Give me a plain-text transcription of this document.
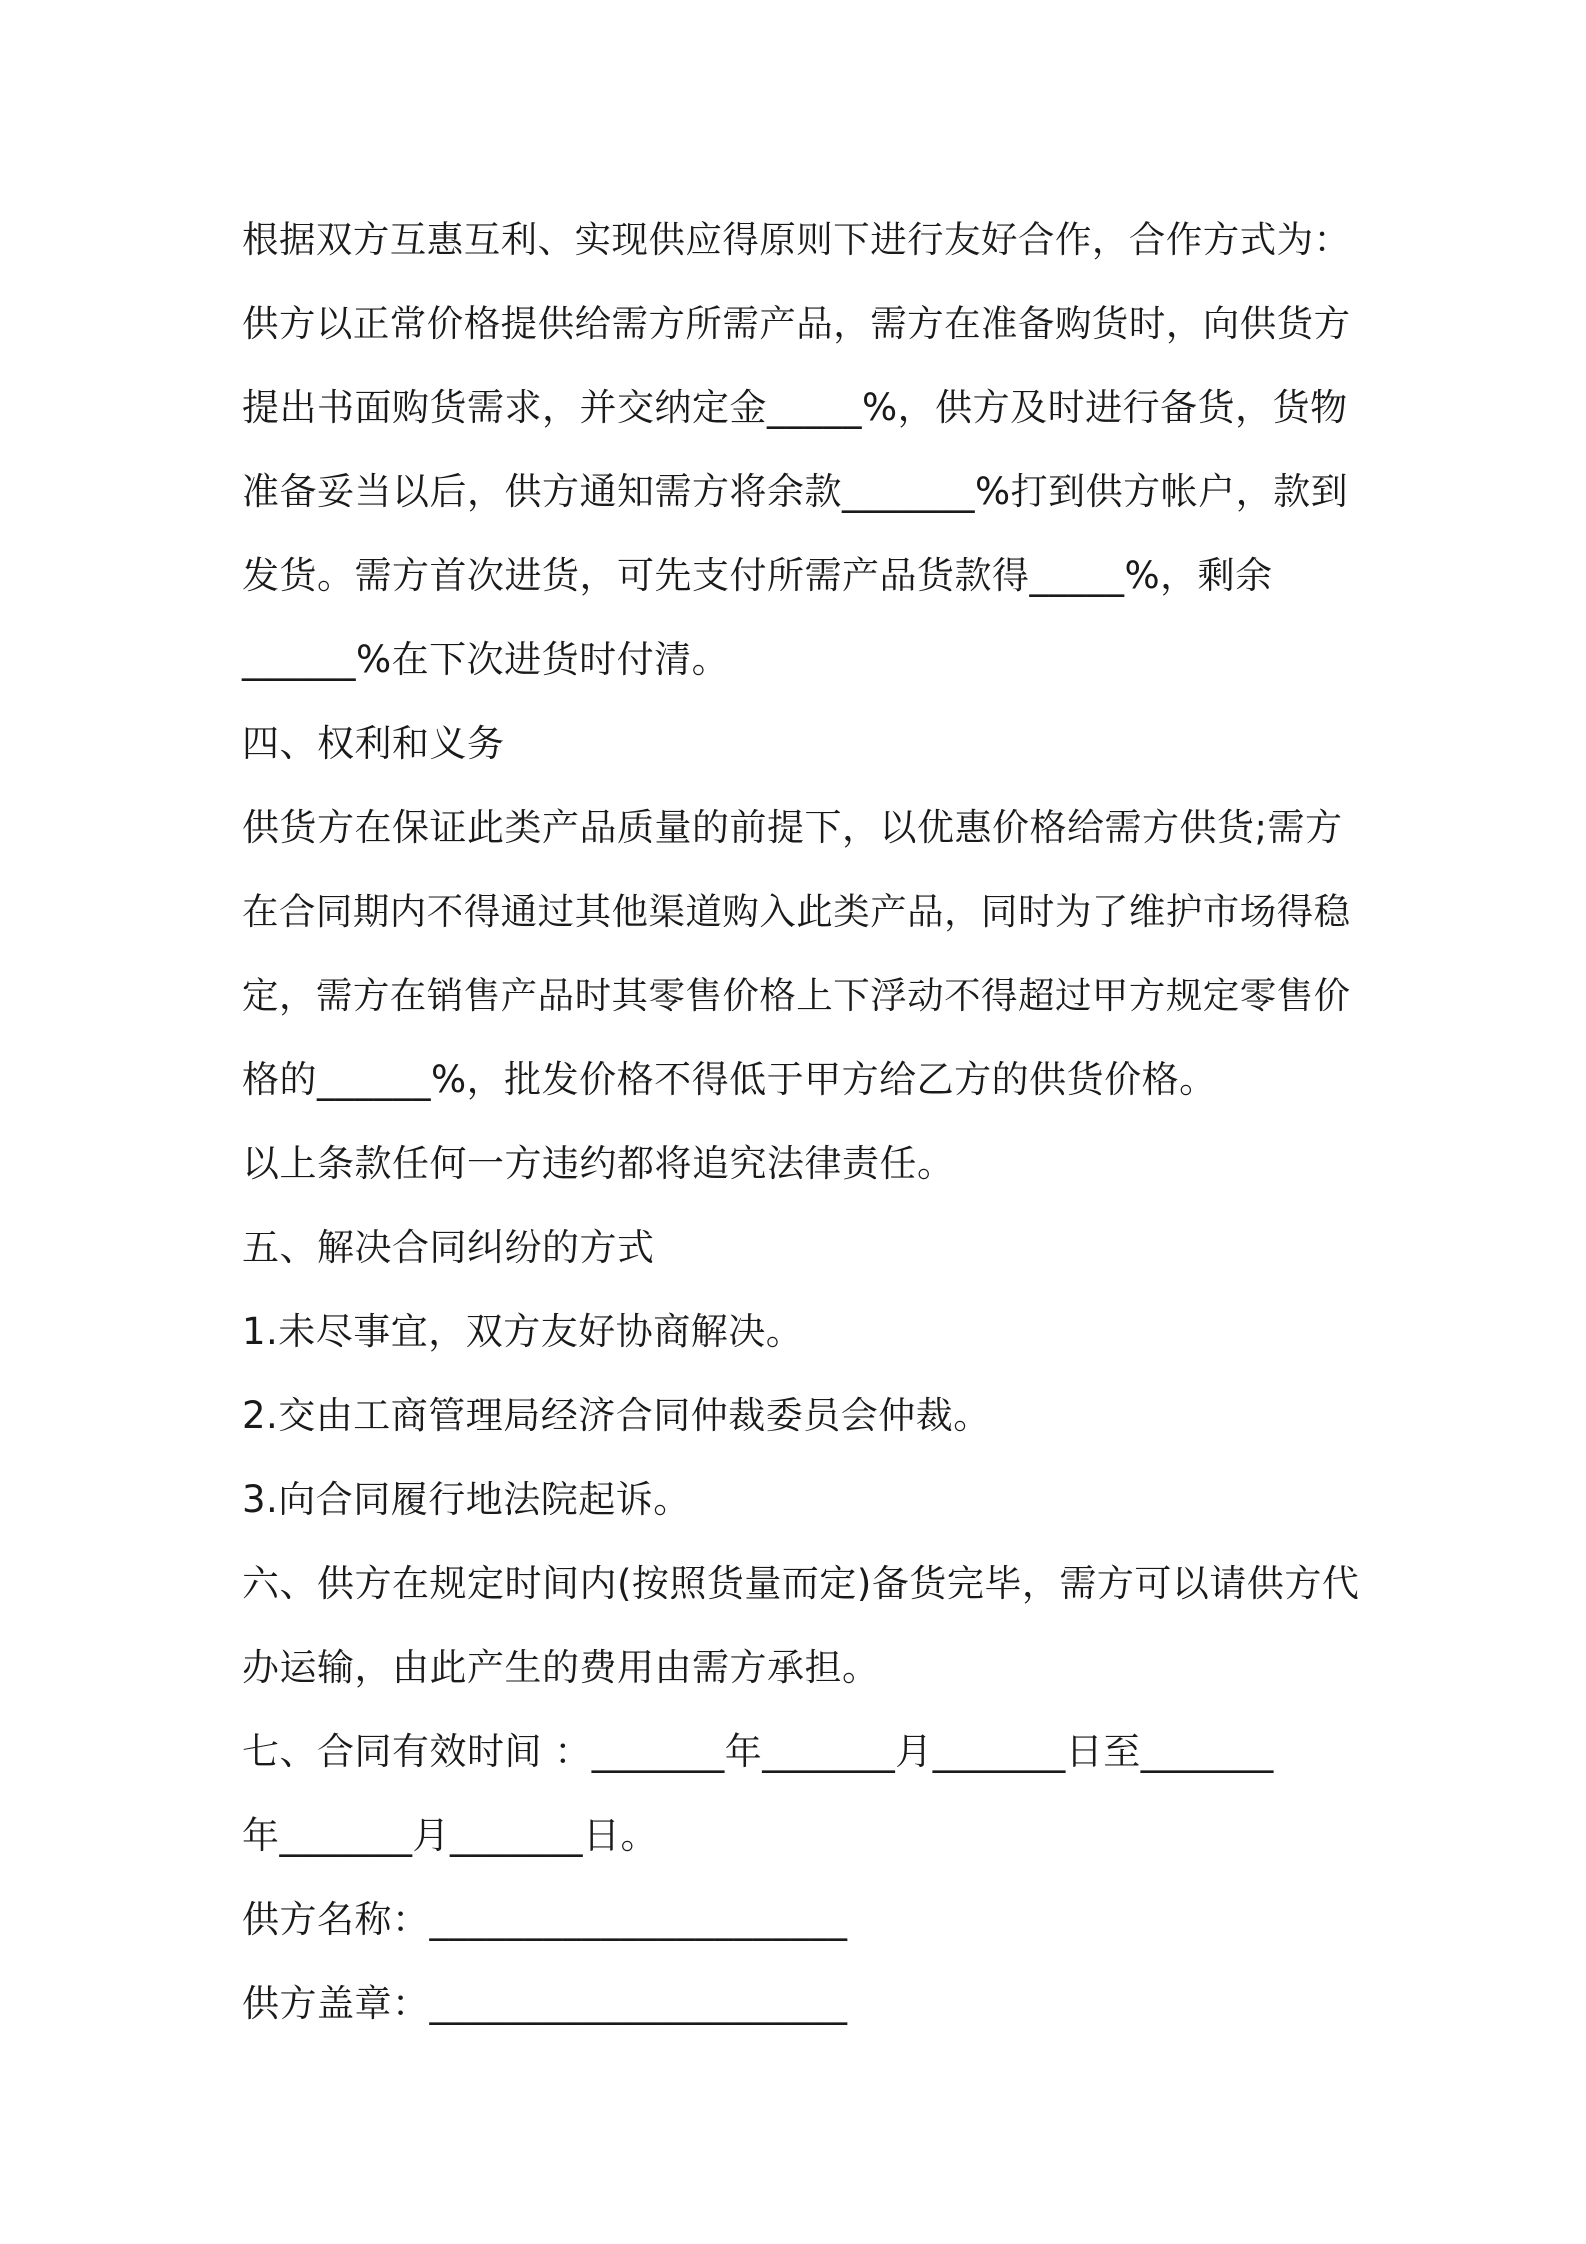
根据双方互惠互利、实现供应得原则下进行友好合作，合作方式为：
供方以正常价格提供给需方所需产品，需方在准备购货时，向供货方
提出书面购货需求，并交纳定金_____%，供方及时进行备货，货物
准备妥当以后，供方通知需方将余款_______%打到供方帐户，款到
发货。需方首次进货，可先支付所需产品货款得_____%，剩余
______%在下次进货时付清。
四、权利和义务
供货方在保证此类产品质量的前提下，以优惠价格给需方供货;需方
在合同期内不得通过其他渠道购入此类产品，同时为了维护市场得稳
定，需方在销售产品时其零售价格上下浮动不得超过甲方规定零售价
格的______%，批发价格不得低于甲方给乙方的供货价格。
以上条款任何一方违约都将追究法律责任。
五、解决合同纠纷的方式
1.未尽事宜，双方友好协商解决。
2.交由工商管理局经济合同仲裁委员会仲裁。
3.向合同履行地法院起诉。
六、供方在规定时间内(按照货量而定)备货完毕，需方可以请供方代
办运输，由此产生的费用由需方承担。
七、合同有效时间 ：_______年_______月_______日至_______
年_______月_______日。
供方名称：______________________
供方盖章：______________________
